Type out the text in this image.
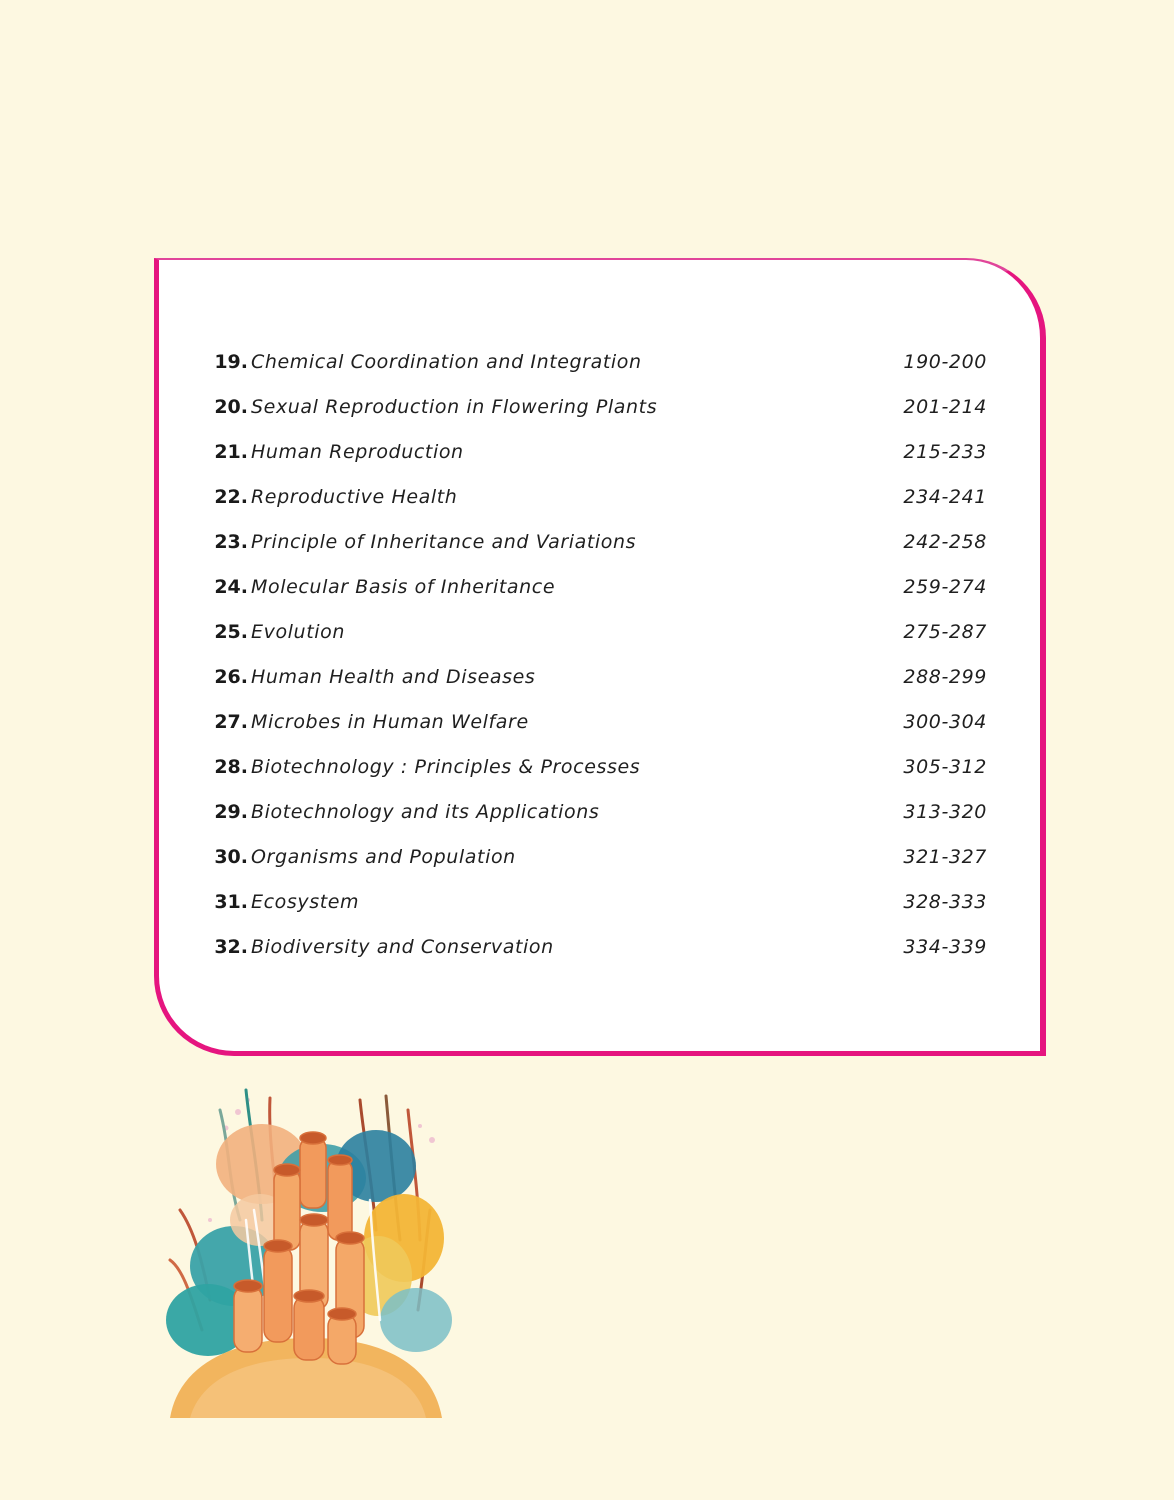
19. Chemical Coordination and Integration	190-200
20. Sexual Reproduction in Flowering Plants	201-214
21. Human Reproduction	215-233
22. Reproductive Health	234-241
23. Principle of Inheritance and Variations	242-258
24. Molecular Basis of Inheritance	259-274
25. Evolution	275-287
26. Human Health and Diseases	288-299
27. Microbes in Human Welfare	300-304
28. Biotechnology : Principles & Processes	305-312
29. Biotechnology and its Applications	313-320
30. Organisms and Population	321-327
31. Ecosystem	328-333
32. Biodiversity and Conservation	334-339
